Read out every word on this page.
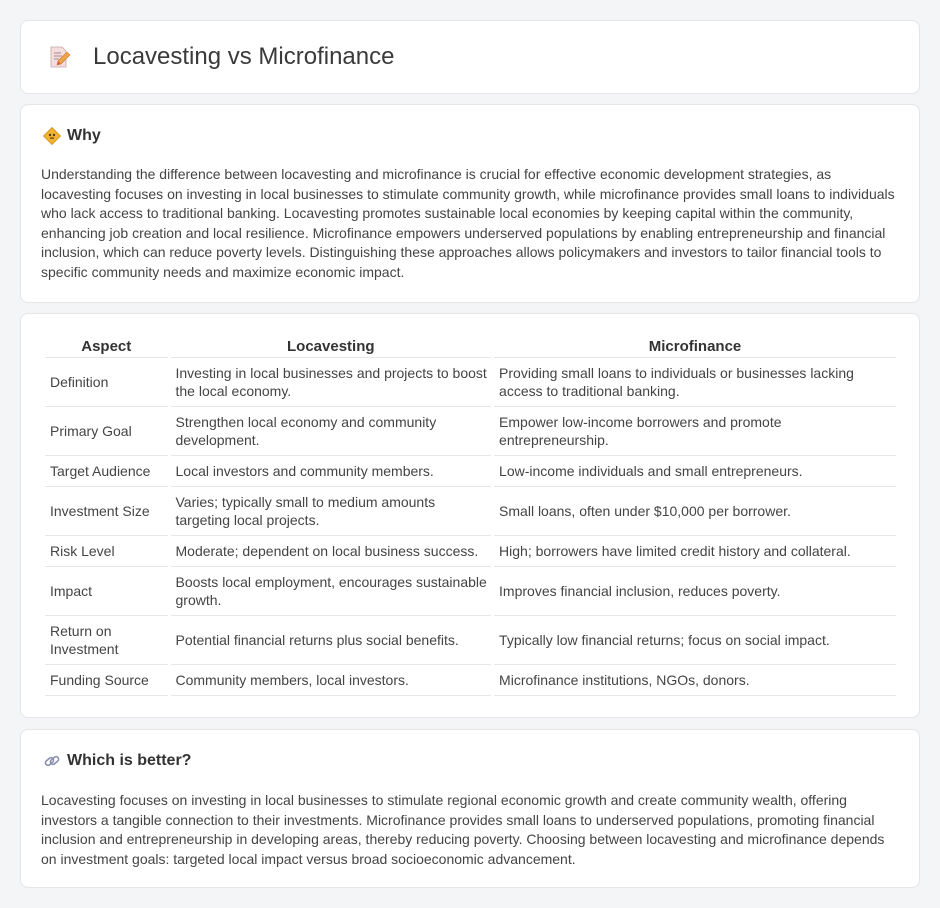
Locavesting vs Microfinance
Why

Understanding the difference between locavesting and microfinance is crucial for effective economic development strategies, as locavesting focuses on investing in local businesses to stimulate community growth, while microfinance provides small loans to individuals who lack access to traditional banking. Locavesting promotes sustainable local economies by keeping capital within the community, enhancing job creation and local resilience. Microfinance empowers underserved populations by enabling entrepreneurship and financial inclusion, which can reduce poverty levels. Distinguishing these approaches allows policymakers and investors to tailor financial tools to specific community needs and maximize economic impact.

Aspect	Locavesting	Microfinance
Definition	Investing in local businesses and projects to boost the local economy.	Providing small loans to individuals or businesses lacking access to traditional banking.
Primary Goal	Strengthen local economy and community development.	Empower low-income borrowers and promote entrepreneurship.
Target Audience	Local investors and community members.	Low-income individuals and small entrepreneurs.
Investment Size	Varies; typically small to medium amounts targeting local projects.	Small loans, often under $10,000 per borrower.
Risk Level	Moderate; dependent on local business success.	High; borrowers have limited credit history and collateral.
Impact	Boosts local employment, encourages sustainable growth.	Improves financial inclusion, reduces poverty.
Return on Investment	Potential financial returns plus social benefits.	Typically low financial returns; focus on social impact.
Funding Source	Community members, local investors.	Microfinance institutions, NGOs, donors.
Which is better?

Locavesting focuses on investing in local businesses to stimulate regional economic growth and create community wealth, offering investors a tangible connection to their investments. Microfinance provides small loans to underserved populations, promoting financial inclusion and entrepreneurship in developing areas, thereby reducing poverty. Choosing between locavesting and microfinance depends on investment goals: targeted local impact versus broad socioeconomic advancement.
